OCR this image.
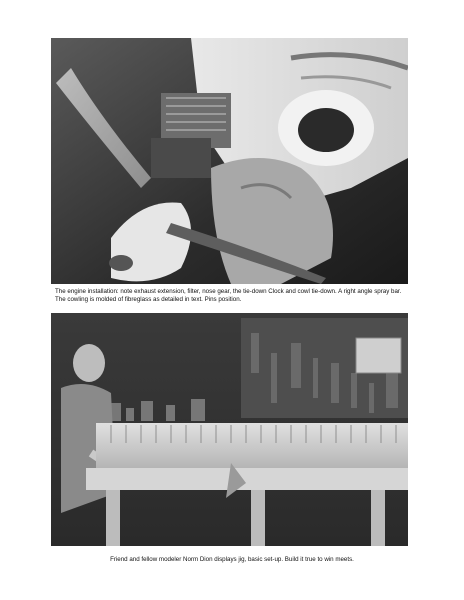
The engine installation: note exhaust extension, filter, nose gear, the tie-down Clock and cowl tie-down. A right angle spray bar. The cowling is molded of fibreglass as detailed in text. Pins position.
Friend and fellow modeler Norm Dion displays jig, basic set-up. Build it true to win meets.
